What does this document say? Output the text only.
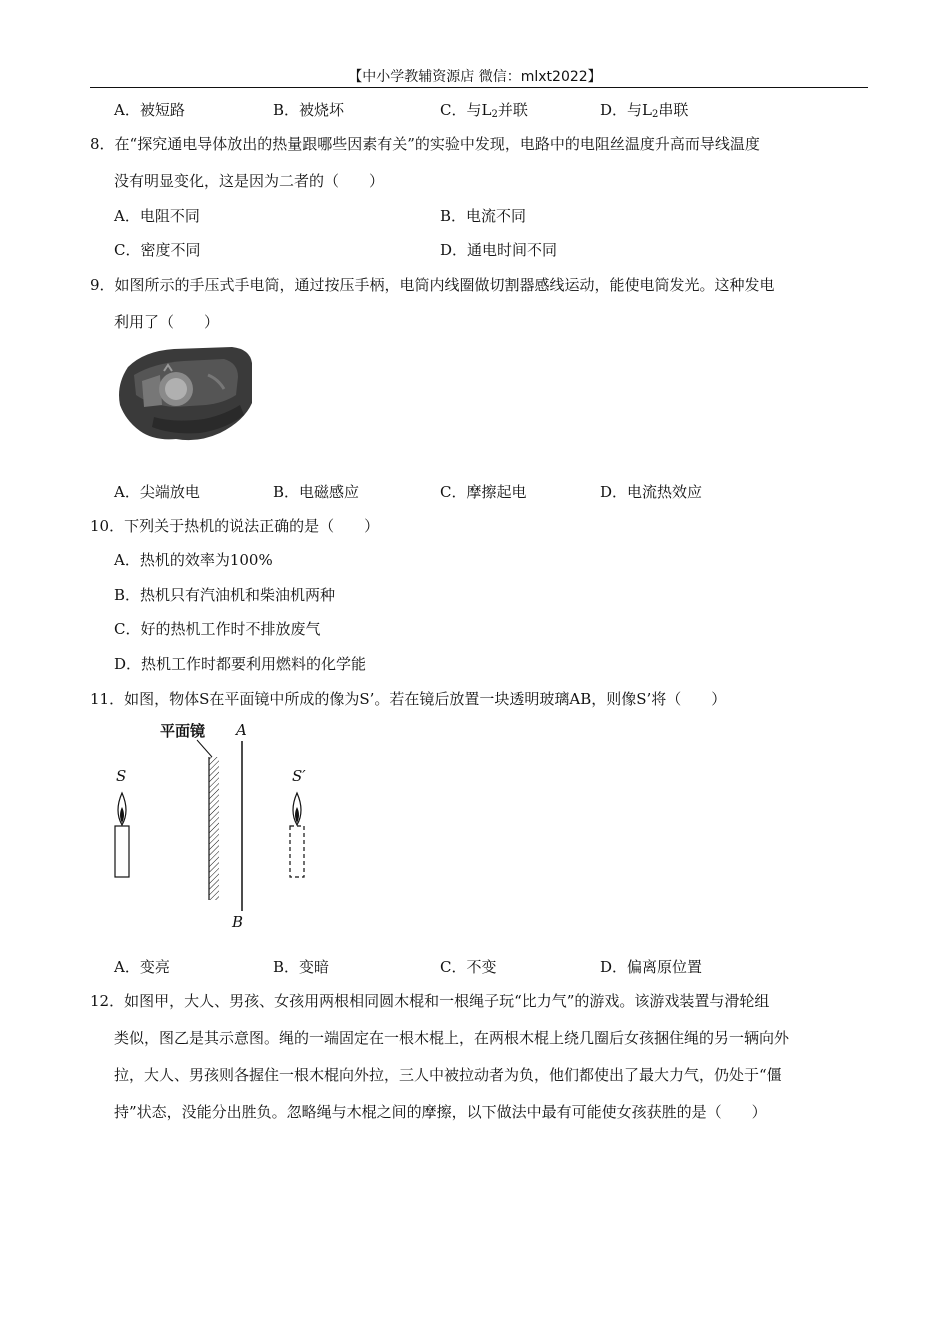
【中小学教辅资源店 微信：mlxt2022】
A．被短路	B．被烧坏	C．与$L_2$并联	D．与$L_2$串联
8．在“探究通电导体放出的热量跟哪些因素有关”的实验中发现，电路中的电阻丝温度升高而导线温度
没有明显变化，这是因为二者的（　　）
A．电阻不同	B．电流不同
C．密度不同	D．通电时间不同
9．如图所示的手压式手电筒，通过按压手柄，电筒内线圈做切割器感线运动，能使电筒发光。这种发电
利用了（　　）
A．尖端放电	B．电磁感应	C．摩擦起电	D．电流热效应
10．下列关于热机的说法正确的是（　　）
A．热机的效率为100%
B．热机只有汽油机和柴油机两种
C．好的热机工作时不排放废气
D．热机工作时都要利用燃料的化学能
11．如图，物体S在平面镜中所成的像为S’。若在镜后放置一块透明玻璃AB，则像S’将（　　）
平面镜 A
B
S	S′
A．变亮	B．变暗	C．不变	D．偏离原位置
12．如图甲，大人、男孩、女孩用两根相同圆木棍和一根绳子玩“比力气”的游戏。该游戏装置与滑轮组
类似，图乙是其示意图。绳的一端固定在一根木棍上，在两根木棍上绕几圈后女孩捆住绳的另一辆向外
拉，大人、男孩则各握住一根木棍向外拉，三人中被拉动者为负，他们都使出了最大力气，仍处于“僵
持”状态，没能分出胜负。忽略绳与木棍之间的摩擦，以下做法中最有可能使女孩获胜的是（　　）
